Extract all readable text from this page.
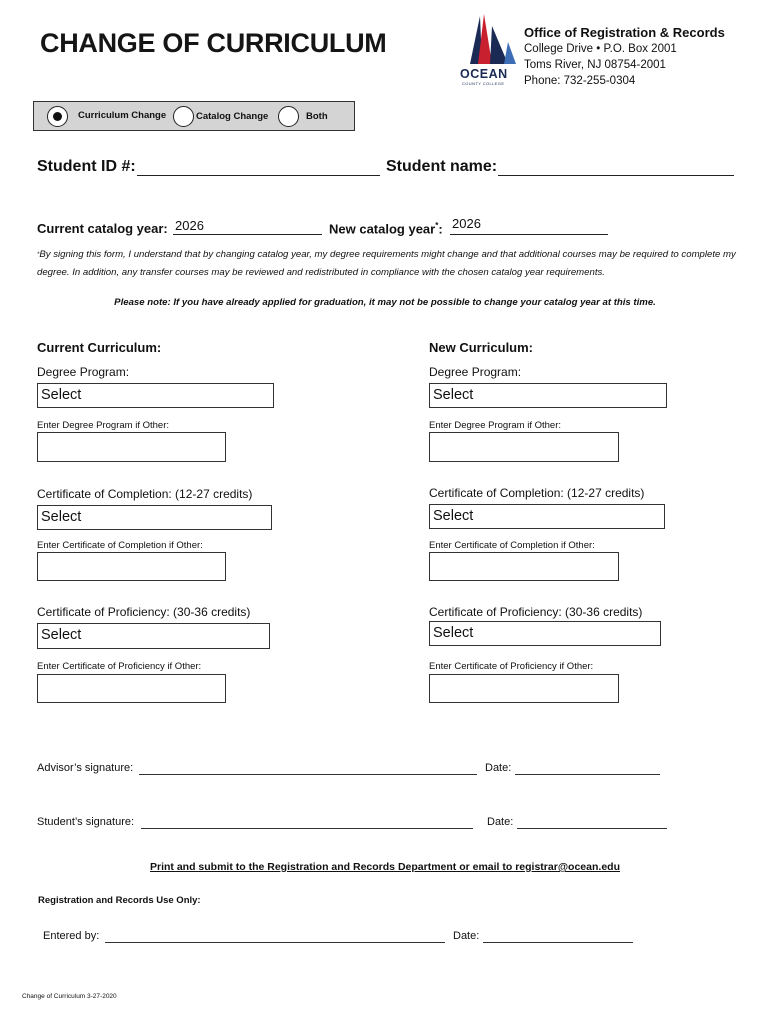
CHANGE OF CURRICULUM
OCEAN
COUNTY COLLEGE
Office of Registration & Records
College Drive • P.O. Box 2001
Toms River, NJ 08754-2001
Phone: 732-255-0304
Curriculum Change	Catalog Change	Both
Student ID #:	Student name:
Current catalog year: 2026	New catalog year*: 2026
*By signing this form, I understand that by changing catalog year, my degree requirements might change and that additional courses may be required to complete my degree. In addition, any transfer courses may be reviewed and redistributed in compliance with the chosen catalog year requirements.
Please note: If you have already applied for graduation, it may not be possible to change your catalog year at this time.
Current Curriculum:
Degree Program:
Select
Enter Degree Program if Other:
Certificate of Completion: (12-27 credits)
Select
Enter Certificate of Completion if Other:
Certificate of Proficiency: (30-36 credits)
Select
Enter Certificate of Proficiency if Other:
New Curriculum:
Degree Program:
Select
Enter Degree Program if Other:
Certificate of Completion: (12-27 credits)
Select
Enter Certificate of Completion if Other:
Certificate of Proficiency: (30-36 credits)
Select
Enter Certificate of Proficiency if Other:
Advisor’s signature:	Date:
Student’s signature:	Date:
Print and submit to the Registration and Records Department or email to registrar@ocean.edu
Registration and Records Use Only:
Entered by:	Date:
Change of Curriculum 3-27-2020
